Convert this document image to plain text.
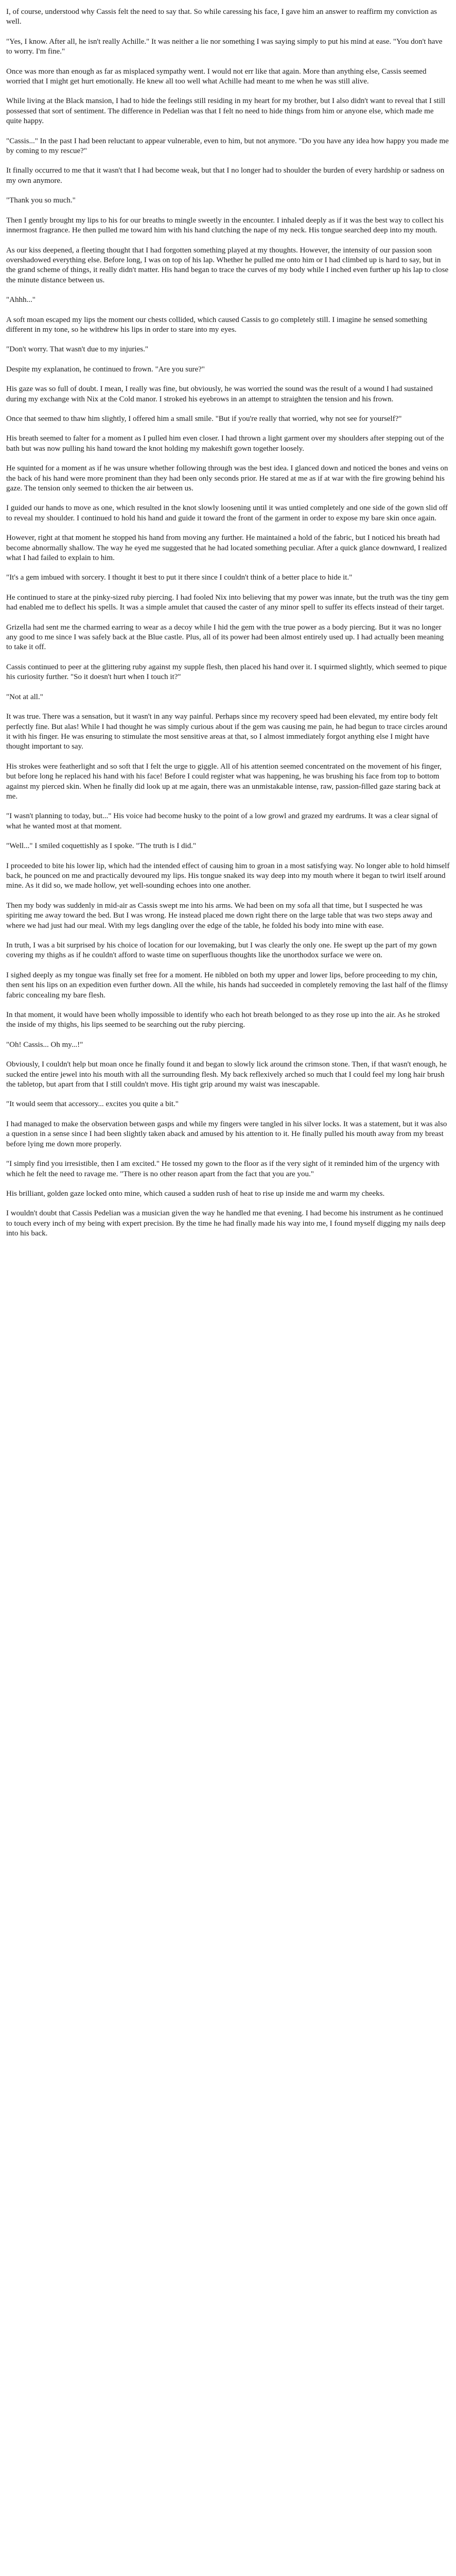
I, of course, understood why Cassis felt the need to say that. So while caressing his face, I gave him an answer to reaffirm my conviction as well.

"Yes, I know. After all, he isn't really Achille." It was neither a lie nor something I was saying simply to put his mind at ease. "You don't have to worry. I'm fine."

Once was more than enough as far as misplaced sympathy went. I would not err like that again. More than anything else, Cassis seemed worried that I might get hurt emotionally. He knew all too well what Achille had meant to me when he was still alive.

While living at the Black mansion, I had to hide the feelings still residing in my heart for my brother, but I also didn't want to reveal that I still possessed that sort of sentiment. The difference in Pedelian was that I felt no need to hide things from him or anyone else, which made me quite happy.

"Cassis..." In the past I had been reluctant to appear vulnerable, even to him, but not anymore. "Do you have any idea how happy you made me by coming to my rescue?"

It finally occurred to me that it wasn't that I had become weak, but that I no longer had to shoulder the burden of every hardship or sadness on my own anymore.

"Thank you so much."

Then I gently brought my lips to his for our breaths to mingle sweetly in the encounter. I inhaled deeply as if it was the best way to collect his innermost fragrance. He then pulled me toward him with his hand clutching the nape of my neck. His tongue searched deep into my mouth.

As our kiss deepened, a fleeting thought that I had forgotten something played at my thoughts. However, the intensity of our passion soon overshadowed everything else. Before long, I was on top of his lap. Whether he pulled me onto him or I had climbed up is hard to say, but in the grand scheme of things, it really didn't matter. His hand began to trace the curves of my body while I inched even further up his lap to close the minute distance between us.

"Ahhh..."

A soft moan escaped my lips the moment our chests collided, which caused Cassis to go completely still. I imagine he sensed something different in my tone, so he withdrew his lips in order to stare into my eyes.

"Don't worry. That wasn't due to my injuries."

Despite my explanation, he continued to frown. "Are you sure?"

His gaze was so full of doubt. I mean, I really was fine, but obviously, he was worried the sound was the result of a wound I had sustained during my exchange with Nix at the Cold manor. I stroked his eyebrows in an attempt to straighten the tension and his frown.

Once that seemed to thaw him slightly, I offered him a small smile. "But if you're really that worried, why not see for yourself?"

His breath seemed to falter for a moment as I pulled him even closer. I had thrown a light garment over my shoulders after stepping out of the bath but was now pulling his hand toward the knot holding my makeshift gown together loosely.

He squinted for a moment as if he was unsure whether following through was the best idea. I glanced down and noticed the bones and veins on the back of his hand were more prominent than they had been only seconds prior. He stared at me as if at war with the fire growing behind his gaze. The tension only seemed to thicken the air between us.

I guided our hands to move as one, which resulted in the knot slowly loosening until it was untied completely and one side of the gown slid off to reveal my shoulder. I continued to hold his hand and guide it toward the front of the garment in order to expose my bare skin once again.

However, right at that moment he stopped his hand from moving any further. He maintained a hold of the fabric, but I noticed his breath had become abnormally shallow. The way he eyed me suggested that he had located something peculiar. After a quick glance downward, I realized what I had failed to explain to him.

"It's a gem imbued with sorcery. I thought it best to put it there since I couldn't think of a better place to hide it."

He continued to stare at the pinky-sized ruby piercing. I had fooled Nix into believing that my power was innate, but the truth was the tiny gem had enabled me to deflect his spells. It was a simple amulet that caused the caster of any minor spell to suffer its effects instead of their target.

Grizella had sent me the charmed earring to wear as a decoy while I hid the gem with the true power as a body piercing. But it was no longer any good to me since I was safely back at the Blue castle. Plus, all of its power had been almost entirely used up. I had actually been meaning to take it off.

Cassis continued to peer at the glittering ruby against my supple flesh, then placed his hand over it. I squirmed slightly, which seemed to pique his curiosity further. "So it doesn't hurt when I touch it?"

"Not at all."

It was true. There was a sensation, but it wasn't in any way painful. Perhaps since my recovery speed had been elevated, my entire body felt perfectly fine. But alas! While I had thought he was simply curious about if the gem was causing me pain, he had begun to trace circles around it with his finger. He was ensuring to stimulate the most sensitive areas at that, so I almost immediately forgot anything else I might have thought important to say.

His strokes were featherlight and so soft that I felt the urge to giggle. All of his attention seemed concentrated on the movement of his finger, but before long he replaced his hand with his face! Before I could register what was happening, he was brushing his face from top to bottom against my pierced skin. When he finally did look up at me again, there was an unmistakable intense, raw, passion-filled gaze staring back at me.

"I wasn't planning to today, but..." His voice had become husky to the point of a low growl and grazed my eardrums. It was a clear signal of what he wanted most at that moment.

"Well..." I smiled coquettishly as I spoke. "The truth is I did."

I proceeded to bite his lower lip, which had the intended effect of causing him to groan in a most satisfying way. No longer able to hold himself back, he pounced on me and practically devoured my lips. His tongue snaked its way deep into my mouth where it began to twirl itself around mine. As it did so, we made hollow, yet well-sounding echoes into one another.

Then my body was suddenly in mid-air as Cassis swept me into his arms. We had been on my sofa all that time, but I suspected he was spiriting me away toward the bed. But I was wrong. He instead placed me down right there on the large table that was two steps away and where we had just had our meal. With my legs dangling over the edge of the table, he folded his body into mine with ease.

In truth, I was a bit surprised by his choice of location for our lovemaking, but I was clearly the only one. He swept up the part of my gown covering my thighs as if he couldn't afford to waste time on superfluous thoughts like the unorthodox surface we were on.

I sighed deeply as my tongue was finally set free for a moment. He nibbled on both my upper and lower lips, before proceeding to my chin, then sent his lips on an expedition even further down. All the while, his hands had succeeded in completely removing the last half of the flimsy fabric concealing my bare flesh.

In that moment, it would have been wholly impossible to identify who each hot breath belonged to as they rose up into the air. As he stroked the inside of my thighs, his lips seemed to be searching out the ruby piercing.

"Oh! Cassis... Oh my...!"

Obviously, I couldn't help but moan once he finally found it and began to slowly lick around the crimson stone. Then, if that wasn't enough, he sucked the entire jewel into his mouth with all the surrounding flesh. My back reflexively arched so much that I could feel my long hair brush the tabletop, but apart from that I still couldn't move. His tight grip around my waist was inescapable.

"It would seem that accessory... excites you quite a bit."

I had managed to make the observation between gasps and while my fingers were tangled in his silver locks. It was a statement, but it was also a question in a sense since I had been slightly taken aback and amused by his attention to it. He finally pulled his mouth away from my breast before lying me down more properly.

"I simply find you irresistible, then I am excited." He tossed my gown to the floor as if the very sight of it reminded him of the urgency with which he felt the need to ravage me. "There is no other reason apart from the fact that you are you."

His brilliant, golden gaze locked onto mine, which caused a sudden rush of heat to rise up inside me and warm my cheeks.

I wouldn't doubt that Cassis Pedelian was a musician given the way he handled me that evening. I had become his instrument as he continued to touch every inch of my being with expert precision. By the time he had finally made his way into me, I found myself digging my nails deep into his back.
